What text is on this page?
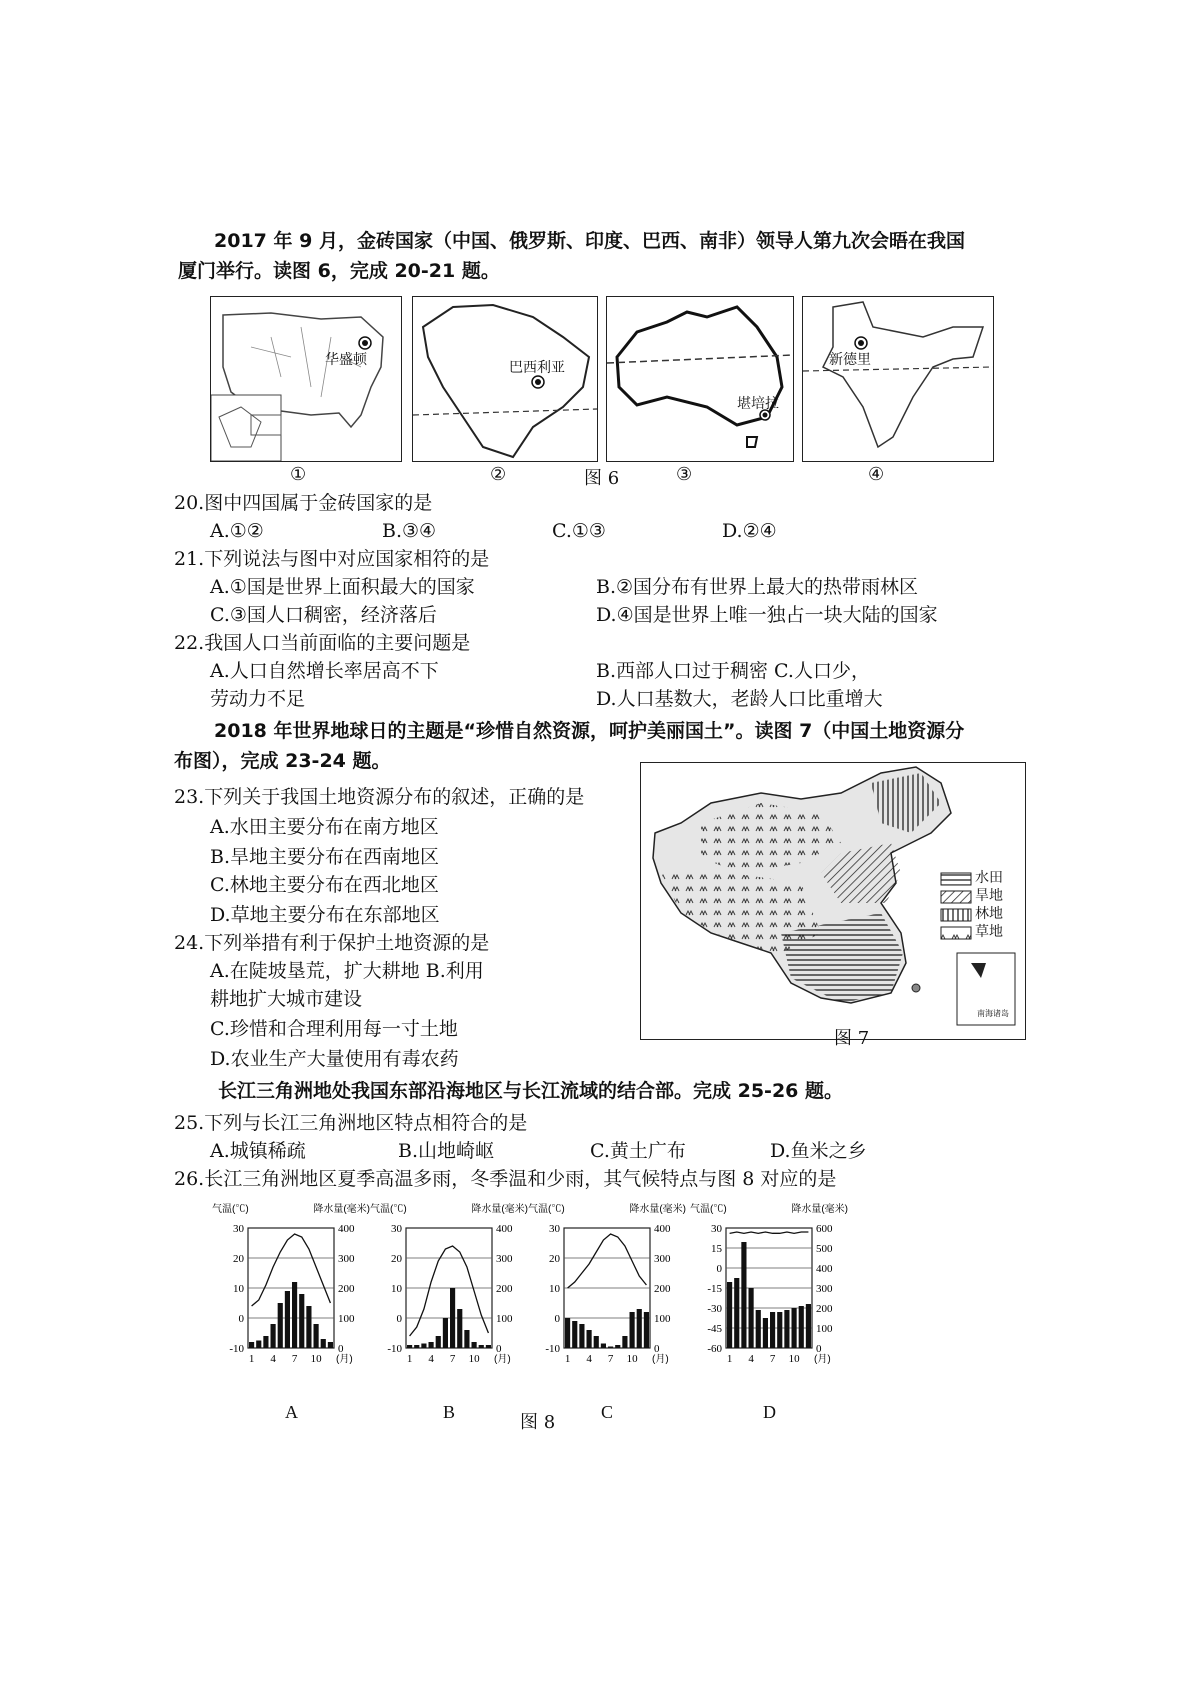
2017 年 9 月，金砖国家（中国、俄罗斯、印度、巴西、南非）领导人第九次会晤在我国
厦门举行。读图 6，完成 20-21 题。
华盛顿	巴西利亚
堪培拉
新德里
①	②	图 6	③	④
20.图中四国属于金砖国家的是
A.①②	B.③④	C.①③	D.②④
21.下列说法与图中对应国家相符的是
A.①国是世界上面积最大的国家	B.②国分布有世界上最大的热带雨林区
C.③国人口稠密，经济落后	D.④国是世界上唯一独占一块大陆的国家
22.我国人口当前面临的主要问题是
A.人口自然增长率居高不下	B.西部人口过于稠密 C.人口少，
劳动力不足	D.人口基数大，老龄人口比重增大
2018 年世界地球日的主题是“珍惜自然资源，呵护美丽国土”。读图 7（中国土地资源分
布图），完成 23-24 题。
23.下列关于我国土地资源分布的叙述，正确的是
A.水田主要分布在南方地区
B.旱地主要分布在西南地区
C.林地主要分布在西北地区
D.草地主要分布在东部地区
24.下列举措有利于保护土地资源的是
A.在陡坡垦荒，扩大耕地 B.利用
耕地扩大城市建设
C.珍惜和合理利用每一寸土地
D.农业生产大量使用有毒农药
水田
旱地
林地
草地
南海诸岛
图 7
长江三角洲地处我国东部沿海地区与长江流域的结合部。完成 25-26 题。
25.下列与长江三角洲地区特点相符合的是
A.城镇稀疏	B.山地崎岖	C.黄土广布	D.鱼米之乡
26.长江三角洲地区夏季高温多雨，冬季温和少雨，其气候特点与图 8 对应的是
气温(℃)	降水量(毫米)
30
20
10
0
-10
400
300
200
100
0
1 4 7 10 (月)
A
气温(℃)	降水量(毫米)
30
20
10
0
-10
400
300
200
100
0
1 4 7 10 (月)
B
气温(℃)	降水量(毫米)
30
20
10
0
-10
400
300
200
100
0
1 4 7 10 (月)
C
气温(℃)	降水量(毫米)
30
15
0
-15
-30
-45
-60
600
500
400
300
200
100
0
1 4 7 10 (月)
D
图 8
